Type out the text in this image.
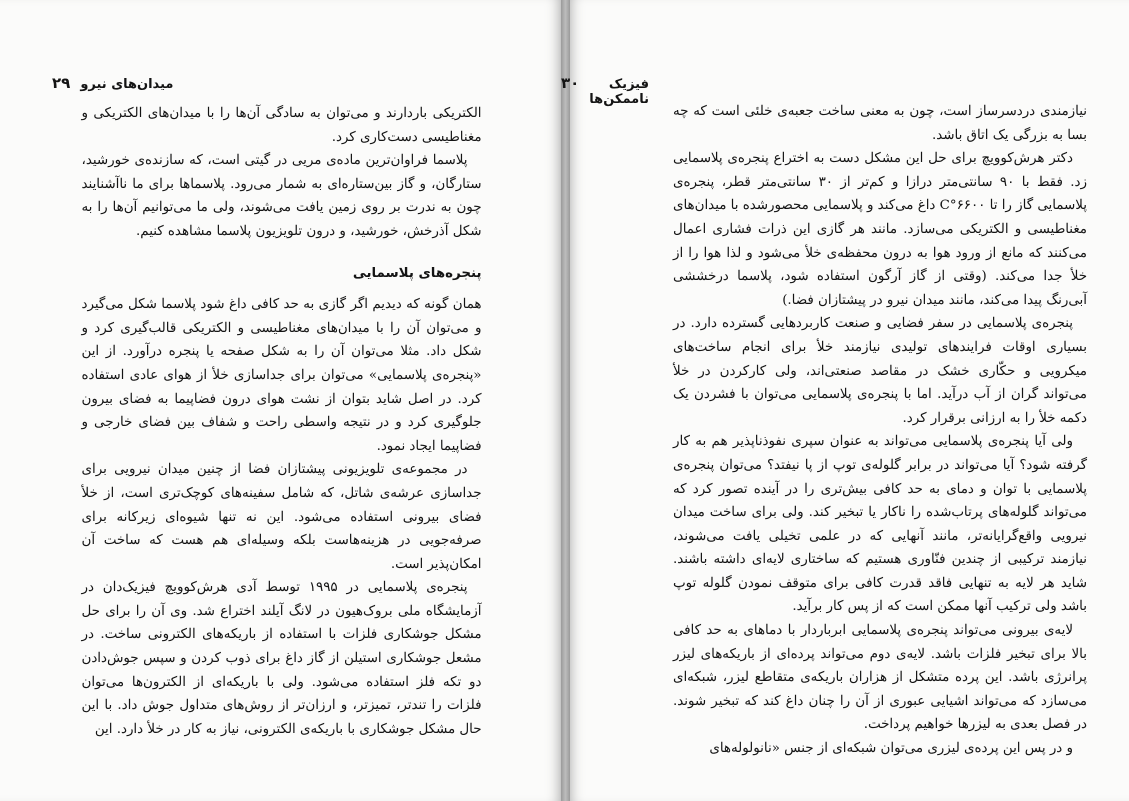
۲۹ میدان‌های نیرو

الکتریکی باردارند و می‌توان به سادگی آن‌ها را با میدان‌های الکتریکی و مغناطیسی دست‌کاری کرد.

پلاسما فراوان‌ترین ماده‌ی مریی در گیتی است، که سازنده‌ی خورشید، ستارگان، و گاز بین‌ستاره‌ای به شمار می‌رود. پلاسماها برای ما ناآشنایند چون به ندرت بر روی زمین یافت می‌شوند، ولی ما می‌توانیم آن‌ها را به شکل آذرخش، خورشید، و درون تلویزیون پلاسما مشاهده کنیم.

پنجره‌های پلاسمایی

همان گونه که دیدیم اگر گازی به حد کافی داغ شود پلاسما شکل می‌گیرد و می‌توان آن را با میدان‌های مغناطیسی و الکتریکی قالب‌گیری کرد و شکل داد. مثلا می‌توان آن را به شکل صفحه یا پنجره درآورد. از این «پنجره‌ی پلاسمایی» می‌توان برای جداسازی خلأ از هوای عادی استفاده کرد. در اصل شاید بتوان از نشت هوای درون فضاپیما به فضای بیرون جلوگیری کرد و در نتیجه واسطی راحت و شفاف بین فضای خارجی و فضاپیما ایجاد نمود.

در مجموعه‌ی تلویزیونی پیشتازان فضا از چنین میدان نیرویی برای جداسازی عرشه‌ی شاتل، که شامل سفینه‌های کوچک‌تری است، از خلأ فضای بیرونی استفاده می‌شود. این نه تنها شیوه‌ای زیرکانه برای صرفه‌جویی در هزینه‌هاست بلکه وسیله‌ای هم هست که ساخت آن امکان‌پذیر است.

پنجره‌ی پلاسمایی در ۱۹۹۵ توسط آدی هرش‌کوویچ فیزیک‌دان در آزمایشگاه ملی بروک‌هیون در لانگ آیلند اختراع شد. وی آن را برای حل مشکل جوشکاری فلزات با استفاده از باریکه‌های الکترونی ساخت. در مشعل جوشکاری استیلن از گاز داغ برای ذوب کردن و سپس جوش‌دادن دو تکه فلز استفاده می‌شود. ولی با باریکه‌ای از الکترون‌ها می‌توان فلزات را تندتر، تمیزتر، و ارزان‌تر از روش‌های متداول جوش داد. با این حال مشکل جوشکاری با باریکه‌ی الکترونی، نیاز به کار در خلأ دارد. این

۳۰	فیزیک ناممکن‌ها

نیازمندی دردسرساز است، چون به معنی ساخت جعبه‌ی خلئی است که چه بسا به بزرگی یک اتاق باشد.

دکتر هرش‌کوویچ برای حل این مشکل دست به اختراع پنجره‌ی پلاسمایی زد. فقط با ۹۰ سانتی‌متر درازا و کم‌تر از ۳۰ سانتی‌متر قطر، پنجره‌ی پلاسمایی گاز را تا ۶۶۰۰°C داغ می‌کند و پلاسمایی محصورشده با میدان‌های مغناطیسی و الکتریکی می‌سازد. مانند هر گازی این ذرات فشاری اعمال می‌کنند که مانع از ورود هوا به درون محفظه‌ی خلأ می‌شود و لذا هوا را از خلأ جدا می‌کند. (وقتی از گاز آرگون استفاده شود، پلاسما درخششی آبی‌رنگ پیدا می‌کند، مانند میدان نیرو در پیشتازان فضا.)

پنجره‌ی پلاسمایی در سفر فضایی و صنعت کاربردهایی گسترده دارد. در بسیاری اوقات فرایندهای تولیدی نیازمند خلأ برای انجام ساخت‌های میکرویی و حکّاری خشک در مقاصد صنعتی‌اند، ولی کارکردن در خلأ می‌تواند گران از آب درآید. اما با پنجره‌ی پلاسمایی می‌توان با فشردن یک دکمه خلأ را به ارزانی برقرار کرد.

ولی آیا پنجره‌ی پلاسمایی می‌تواند به عنوان سپری نفوذناپذیر هم به کار گرفته شود؟ آیا می‌تواند در برابر گلوله‌ی توپ از پا نیفتد؟ می‌توان پنجره‌ی پلاسمایی با توان و دمای به حد کافی بیش‌تری را در آینده تصور کرد که می‌تواند گلوله‌های پرتاب‌شده را ناکار یا تبخیر کند. ولی برای ساخت میدان نیرویی واقع‌گرایانه‌تر، مانند آنهایی که در علمی تخیلی یافت می‌شوند، نیازمند ترکیبی از چندین فنّاوری هستیم که ساختاری لایه‌ای داشته باشند. شاید هر لایه به تنهایی فاقد قدرت کافی برای متوقف نمودن گلوله توپ باشد ولی ترکیب آنها ممکن است که از پس کار برآید.

لایه‌ی بیرونی می‌تواند پنجره‌ی پلاسمایی ابرباردار با دماهای به حد کافی بالا برای تبخیر فلزات باشد. لایه‌ی دوم می‌تواند پرده‌ای از باریکه‌های لیزر پرانرژی باشد. این پرده متشکل از هزاران باریکه‌ی متقاطع لیزر، شبکه‌ای می‌سازد که می‌تواند اشیایی عبوری از آن را چنان داغ کند که تبخیر شوند. در فصل بعدی به لیزرها خواهیم پرداخت.

و در پس این پرده‌ی لیزری می‌توان شبکه‌ای از جنس «نانولوله‌های
